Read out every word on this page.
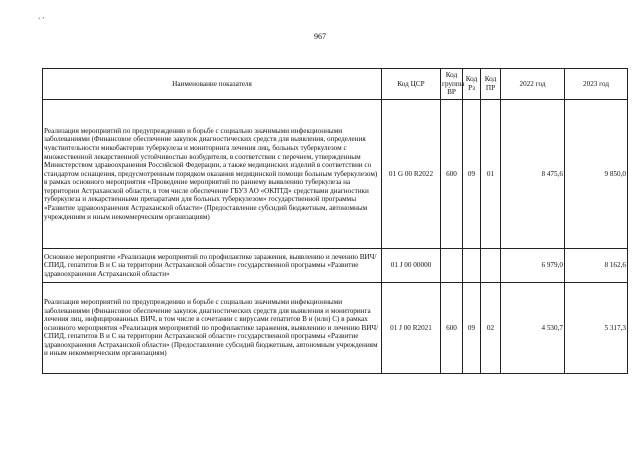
‘ ’
967
Наименование показателя	Код ЦСР	Код группы ВР	Код Рз	Код ПР	2022 год	2023 год
Реализация мероприятий по предупреждению и борьбе с социально значимыми инфекционными заболеваниями (Финансовое обеспечение закупок диагностических средств для выявления, определения чувствительности микобактерии туберкулеза и мониторинга лечения лиц, больных туберкулезом с множественной лекарственной устойчивостью возбудителя, в соответствии с перечнем, утвержденным Министерством здравоохранения Российской Федерации, а также медицинских изделий в соответствии со стандартом оснащения, предусмотренным порядком оказания медицинской помощи больным туберкулезом) в рамках основного мероприятия «Проведение мероприятий по раннему выявлению туберкулеза на территории Астраханской области, в том числе обеспечение ГБУЗ АО «ОКПТД» средствами диагностики туберкулеза и лекарственными препаратами для больных туберкулезом» государственной программы «Развитие здравоохранения Астраханской области» (Предоставление субсидий бюджетным, автономным учреждениям и иным некоммерческим организациям)	01 G 00 R2022	600	09	01	8 475,6	9 850,0
Основное мероприятие «Реализация мероприятий по профилактике заражения, выявлению и лечению ВИЧ/СПИД, гепатитов В и С на территории Астраханской области» государственной программы «Развитие здравоохранения Астраханской области»	01 J 00 00000				6 979,0	8 162,6
Реализация мероприятий по предупреждению и борьбе с социально значимыми инфекционными заболеваниями (Финансовое обеспечение закупок диагностических средств для выявления и мониторинга лечения лиц, инфицированных ВИЧ, в том числе в сочетании с вирусами гепатитов В и (или) С) в рамках основного мероприятия «Реализация мероприятий по профилактике заражения, выявлению и лечению ВИЧ/СПИД, гепатитов В и С на территории Астраханской области» государственной программы «Развитие здравоохранения Астраханской области» (Предоставление субсидий бюджетным, автономным учреждениям и иным некоммерческим организациям)	01 J 00 R2021	600	09	02	4 530,7	5 317,3
